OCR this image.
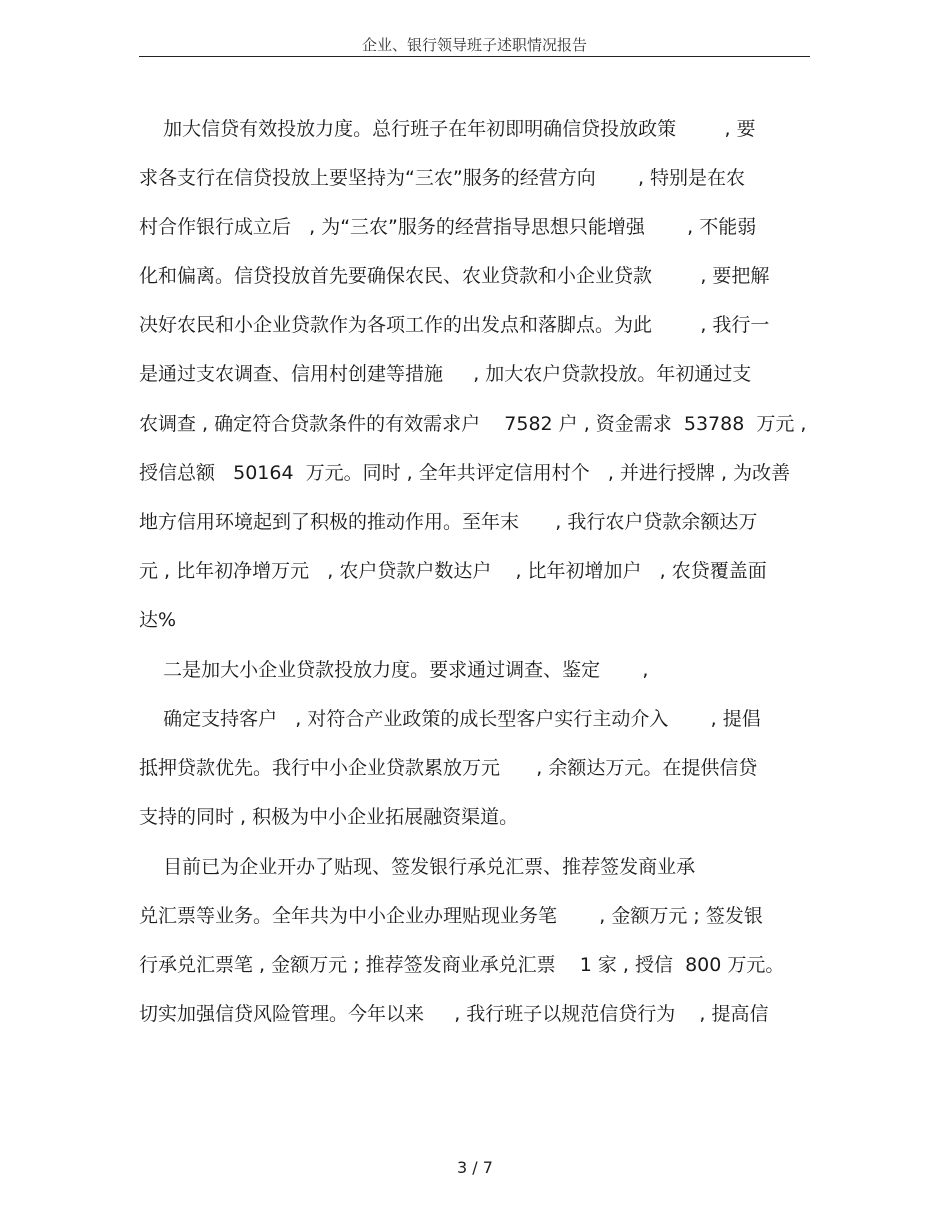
企业、银行领导班子述职情况报告
加大信贷有效投放力度。总行班子在年初即明确信贷投放政策        , 要
求各支行在信贷投放上要坚持为“三农”服务的经营方向       , 特别是在农
村合作银行成立后   , 为“三农”服务的经营指导思想只能增强       , 不能弱
化和偏离。信贷投放首先要确保农民、农业贷款和小企业贷款        , 要把解
决好农民和小企业贷款作为各项工作的出发点和落脚点。为此        , 我行一
是通过支农调查、信用村创建等措施     , 加大农户贷款投放。年初通过支
农调查 , 确定符合贷款条件的有效需求户    7582 户 , 资金需求  53788  万元 ,
授信总额   50164  万元。同时 , 全年共评定信用村个   , 并进行授牌 , 为改善
地方信用环境起到了积极的推动作用。至年末      , 我行农户贷款余额达万
元 , 比年初净增万元   , 农户贷款户数达户    , 比年初增加户   , 农贷覆盖面
达%
二是加大小企业贷款投放力度。要求通过调查、鉴定       ,
确定支持客户   , 对符合产业政策的成长型客户实行主动介入       , 提倡
抵押贷款优先。我行中小企业贷款累放万元      , 余额达万元。在提供信贷
支持的同时 , 积极为中小企业拓展融资渠道。
目前已为企业开办了贴现、签发银行承兑汇票、推荐签发商业承
兑汇票等业务。全年共为中小企业办理贴现业务笔       , 金额万元 ; 签发银
行承兑汇票笔 , 金额万元 ; 推荐签发商业承兑汇票    1 家 , 授信  800 万元。
切实加强信贷风险管理。今年以来     , 我行班子以规范信贷行为    , 提高信
3 / 7
